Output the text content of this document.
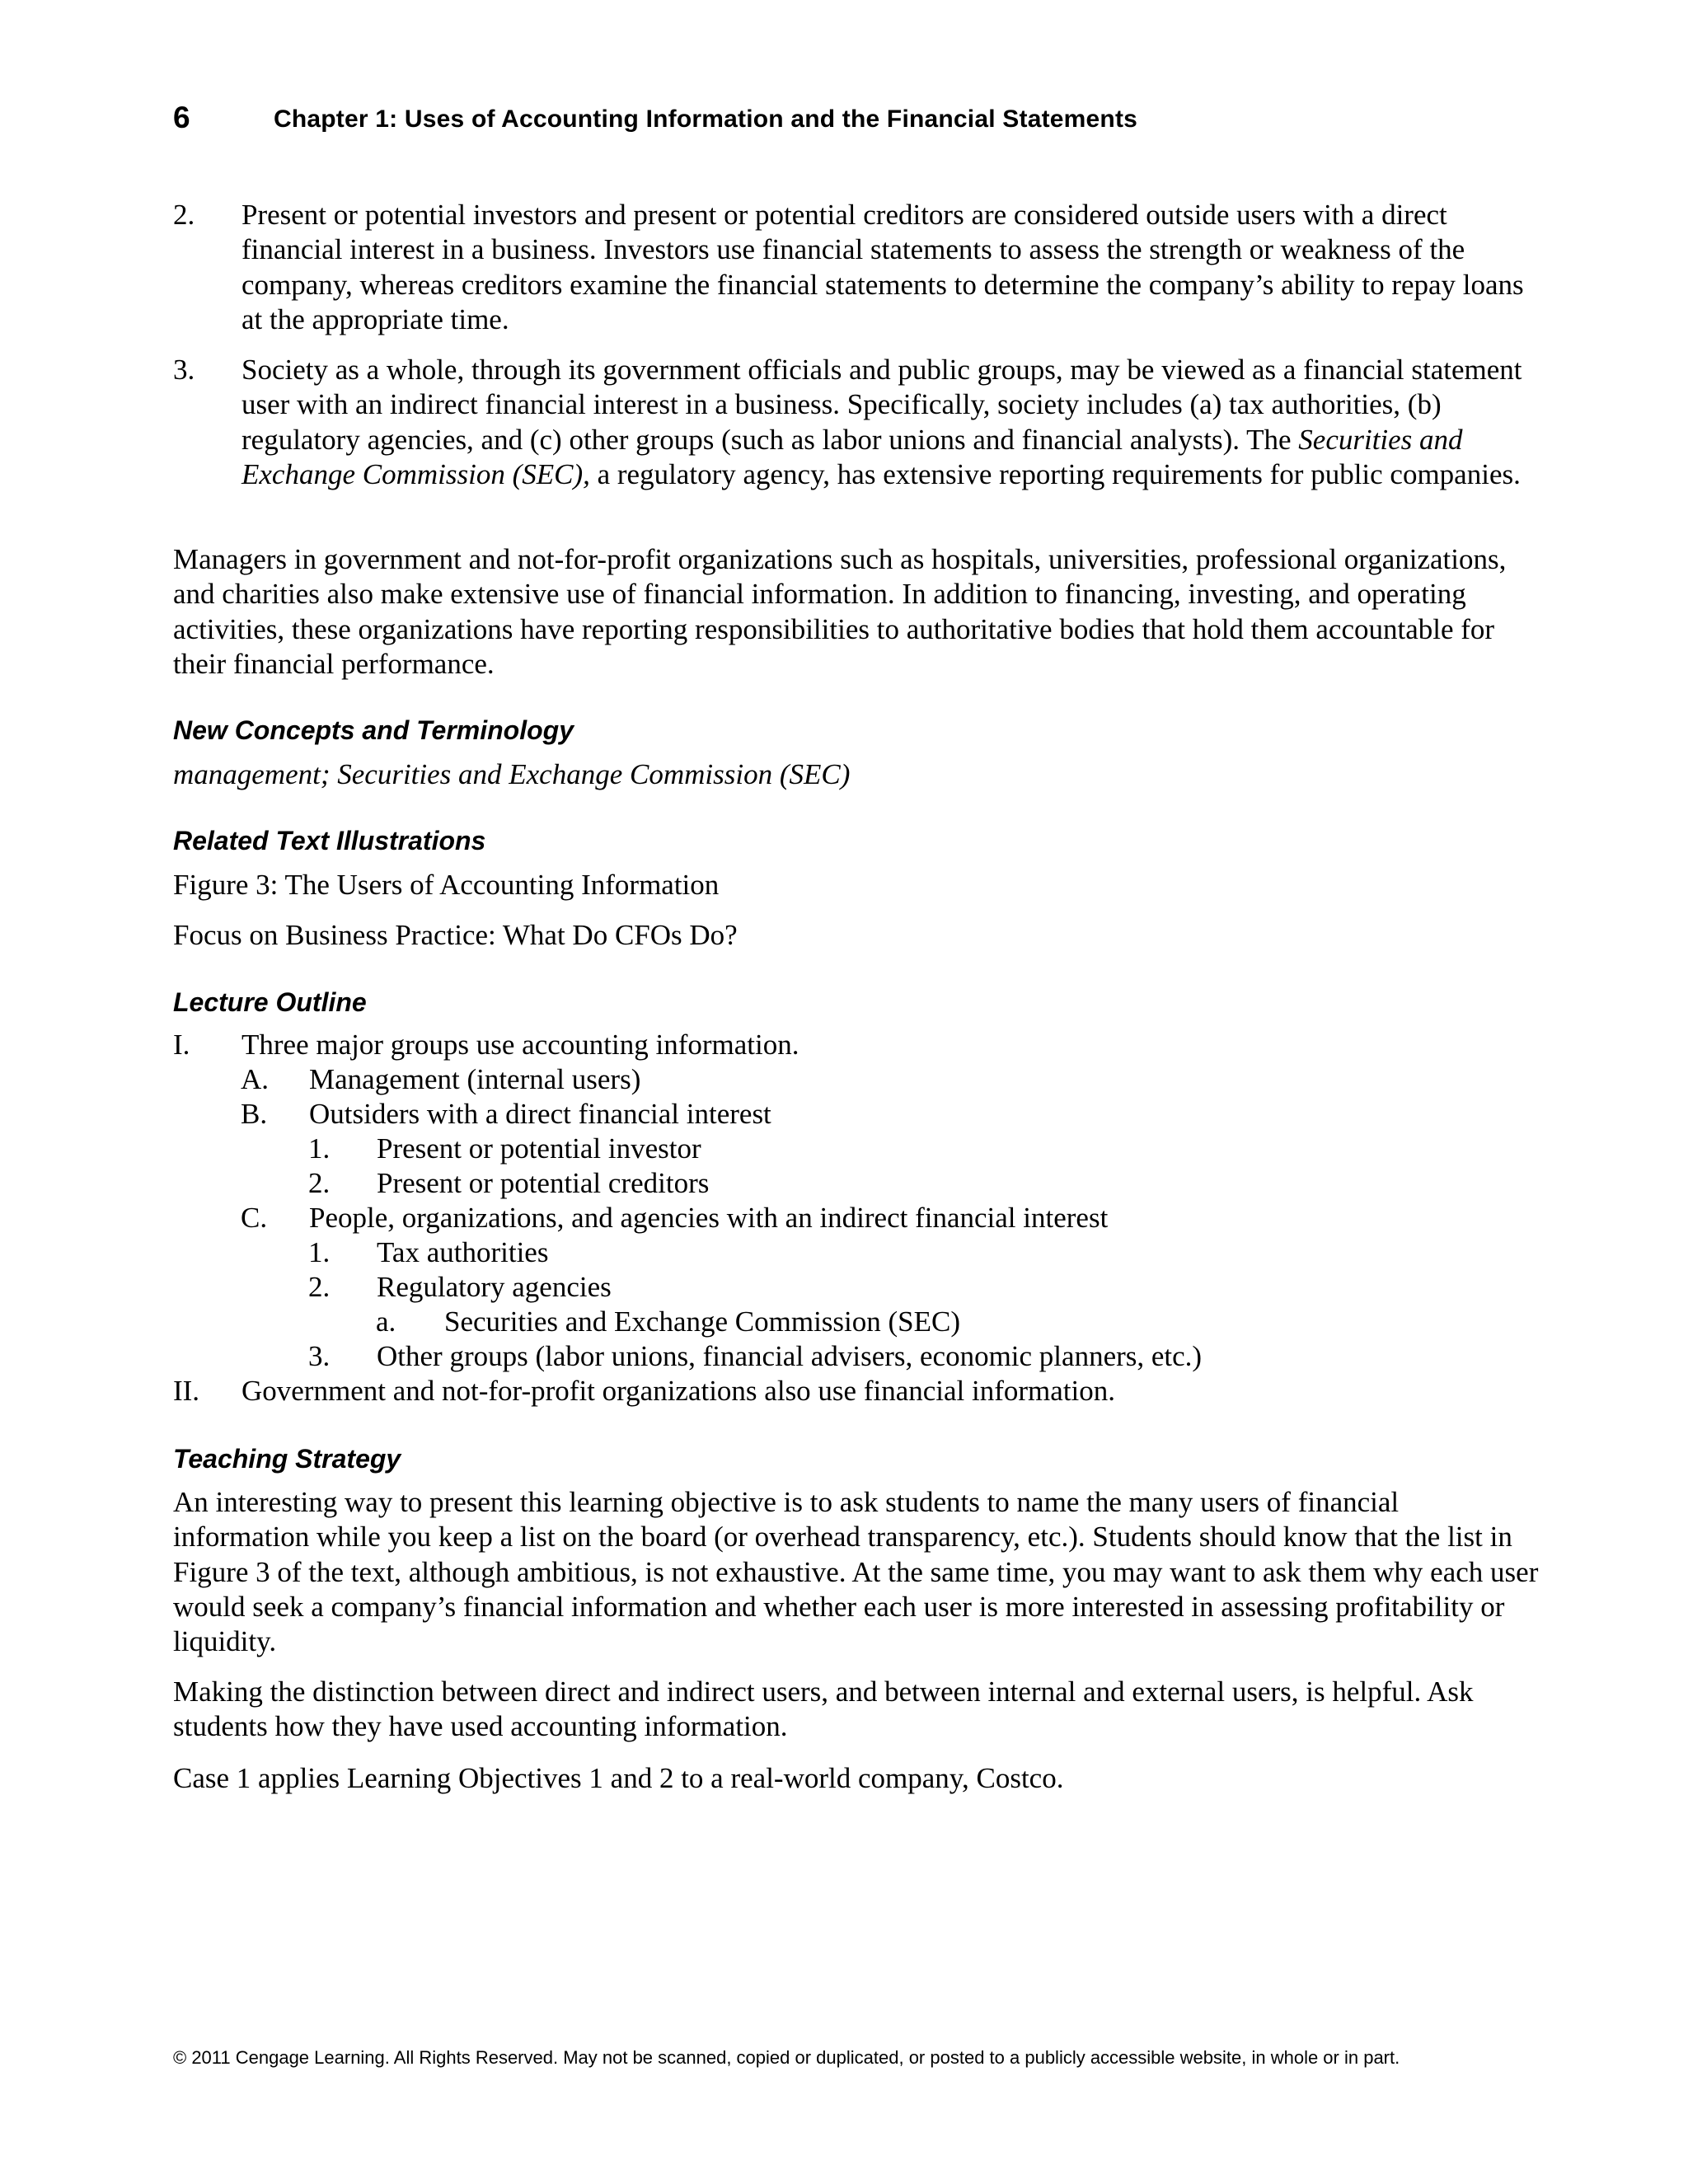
6	Chapter 1: Uses of Accounting Information and the Financial Statements
2. Present or potential investors and present or potential creditors are considered outside users with a direct financial interest in a business. Investors use financial statements to assess the strength or weakness of the company, whereas creditors examine the financial statements to determine the company’s ability to repay loans at the appropriate time.
3. Society as a whole, through its government officials and public groups, may be viewed as a financial statement user with an indirect financial interest in a business. Specifically, society includes (a) tax authorities, (b) regulatory agencies, and (c) other groups (such as labor unions and financial analysts). The Securities and Exchange Commission (SEC), a regulatory agency, has extensive reporting requirements for public companies.
Managers in government and not-for-profit organizations such as hospitals, universities, professional organizations, and charities also make extensive use of financial information. In addition to financing, investing, and operating activities, these organizations have reporting responsibilities to authoritative bodies that hold them accountable for their financial performance.
New Concepts and Terminology
management; Securities and Exchange Commission (SEC)
Related Text Illustrations
Figure 3: The Users of Accounting Information
Focus on Business Practice: What Do CFOs Do?
Lecture Outline
I. Three major groups use accounting information.
A. Management (internal users)
B. Outsiders with a direct financial interest
1. Present or potential investor
2. Present or potential creditors
C. People, organizations, and agencies with an indirect financial interest
1. Tax authorities
2. Regulatory agencies
a. Securities and Exchange Commission (SEC)
3. Other groups (labor unions, financial advisers, economic planners, etc.)
II. Government and not-for-profit organizations also use financial information.
Teaching Strategy
An interesting way to present this learning objective is to ask students to name the many users of financial information while you keep a list on the board (or overhead transparency, etc.). Students should know that the list in Figure 3 of the text, although ambitious, is not exhaustive. At the same time, you may want to ask them why each user would seek a company’s financial information and whether each user is more interested in assessing profitability or liquidity.
Making the distinction between direct and indirect users, and between internal and external users, is helpful. Ask students how they have used accounting information.
Case 1 applies Learning Objectives 1 and 2 to a real-world company, Costco.
© 2011 Cengage Learning. All Rights Reserved. May not be scanned, copied or duplicated, or posted to a publicly accessible website, in whole or in part.
